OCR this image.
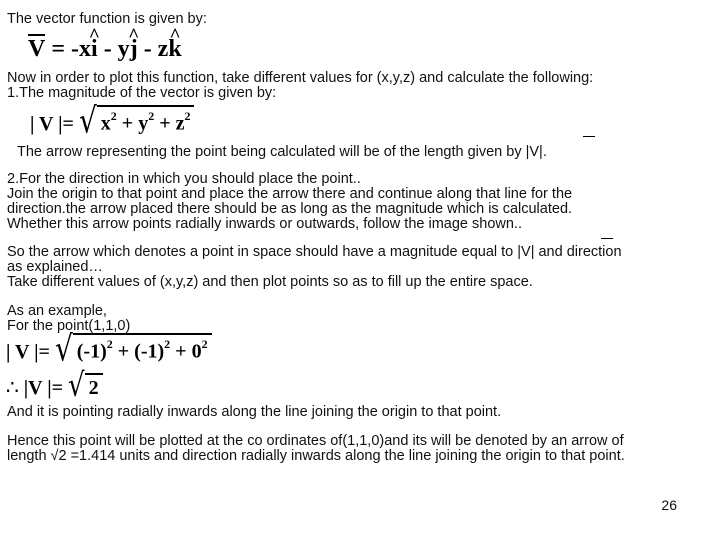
The vector function is given by:
V = -x^ i - y^ j - z^ k
Now in order to plot this function, take different values for (x,y,z) and calculate the following:
1.The magnitude of the vector is given by:
| V |= √ $x^2 + y^2 + z^2$
The arrow representing the point being calculated will be of the length given by |V|.
2.For the direction in which you should place the point..
Join the origin to that point and place the arrow there and continue along that line for the
direction.the arrow placed there should be as long as the magnitude which is calculated.
Whether this arrow points radially inwards or outwards, follow the image shown..
So the arrow which denotes a point in space should have a magnitude equal to |V| and direction
as explained…
Take different values of (x,y,z) and then plot points so as to fill up the entire space.
As an example,
For the point(1,1,0)
| V |= √ $(-1)^2 + (-1)^2 + 0^2$
∴ |V |= √ 2
And it is pointing radially inwards along the line joining the origin to that point.
Hence this point will be plotted at the co ordinates of(1,1,0)and its will be denoted by an arrow of
length √2 =1.414 units and direction radially inwards along the line joining the origin to that point.
26
